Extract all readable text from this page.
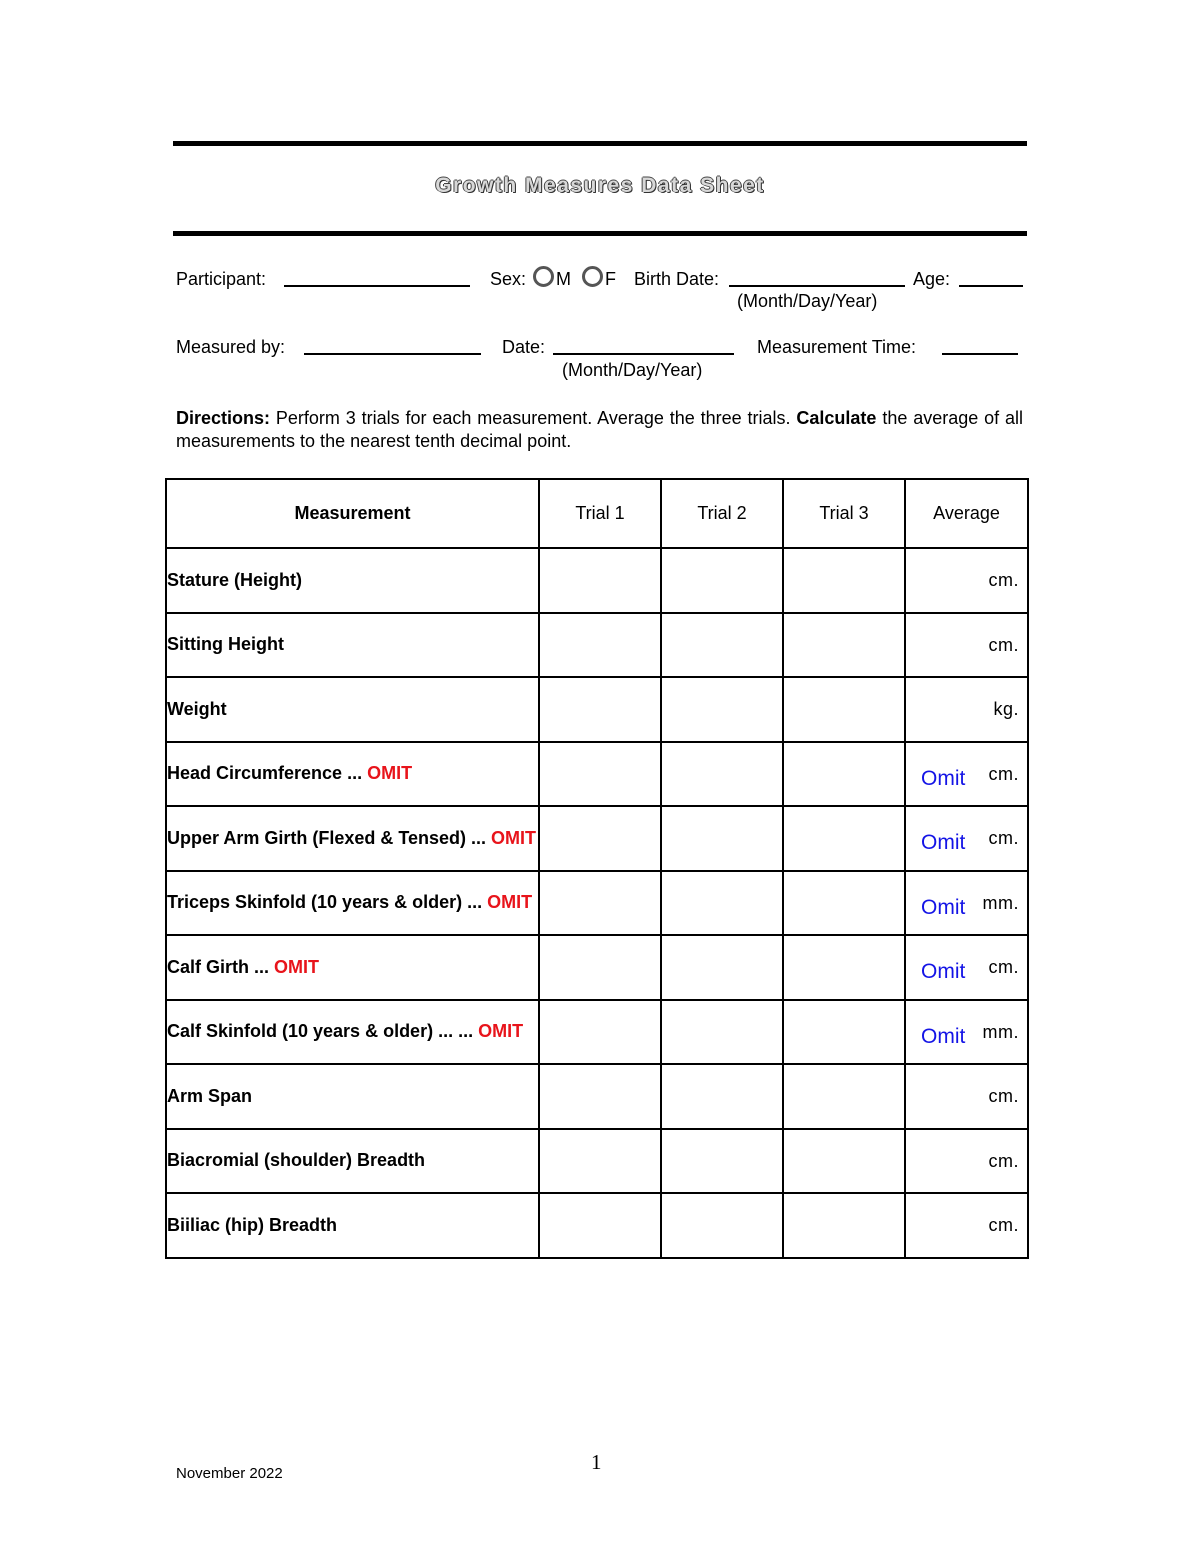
Growth Measures Data Sheet
Participant:	Sex: M F Birth Date:
(Month/Day/Year)
Age:
Measured by:	Date:
(Month/Day/Year)
Measurement Time:
Directions: Perform 3 trials for each measurement. Average the three trials. Calculate the average of all measurements to the nearest tenth decimal point.
Measurement	Trial 1	Trial 2	Trial 3	Average
Stature (Height)				cm.

Sitting Height				cm.

Weight				kg.

Head Circumference ... OMIT				Omit cm.

Upper Arm Girth (Flexed & Tensed) ... OMIT				Omit cm.

Triceps Skinfold (10 years & older) ... OMIT				Omit mm.

Calf Girth ... OMIT				Omit cm.

Calf Skinfold (10 years & older) ... ... OMIT				Omit mm.

Arm Span				cm.

Biacromial (shoulder) Breadth				cm.

Biiliac (hip) Breadth				cm.
November 2022	1
